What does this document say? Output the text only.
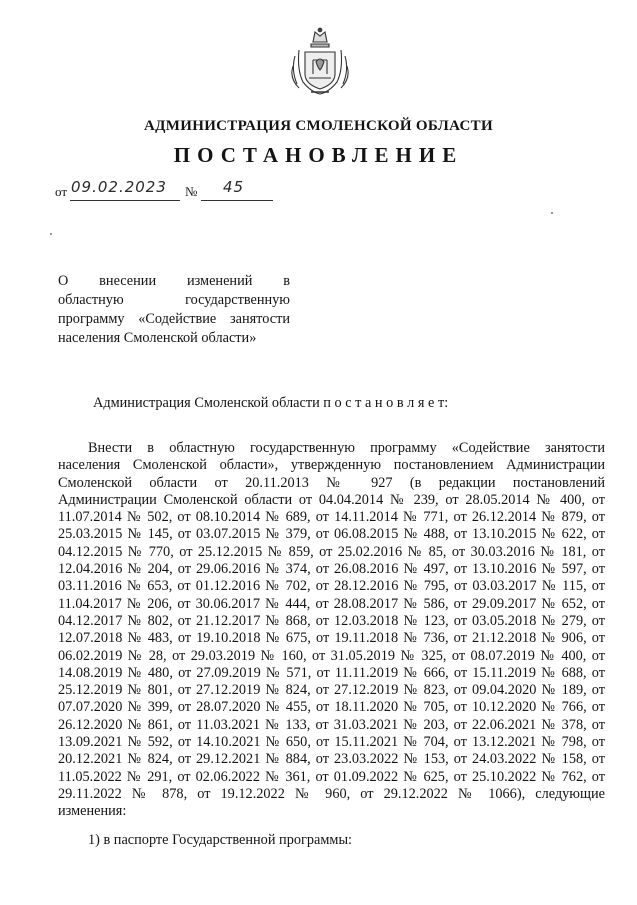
АДМИНИСТРАЦИЯ СМОЛЕНСКОЙ ОБЛАСТИ
ПОСТАНОВЛЕНИЕ
от 09.02.2023 № 45
О внесении изменений в
областную государственную
программу «Содействие занятости
населения Смоленской области»
Администрация Смоленской области п о с т а н о в л я е т:
Внести в областную государственную программу «Содействие занятости
населения Смоленской области», утвержденную постановлением Администрации
Смоленской области от 20.11.2013 № 927 (в редакции постановлений
Администрации Смоленской области от 04.04.2014 № 239, от 28.05.2014 № 400, от
11.07.2014 № 502, от 08.10.2014 № 689, от 14.11.2014 № 771, от 26.12.2014 № 879, от
25.03.2015 № 145, от 03.07.2015 № 379, от 06.08.2015 № 488, от 13.10.2015 № 622, от
04.12.2015 № 770, от 25.12.2015 № 859, от 25.02.2016 № 85, от 30.03.2016 № 181, от
12.04.2016 № 204, от 29.06.2016 № 374, от 26.08.2016 № 497, от 13.10.2016 № 597, от
03.11.2016 № 653, от 01.12.2016 № 702, от 28.12.2016 № 795, от 03.03.2017 № 115, от
11.04.2017 № 206, от 30.06.2017 № 444, от 28.08.2017 № 586, от 29.09.2017 № 652, от
04.12.2017 № 802, от 21.12.2017 № 868, от 12.03.2018 № 123, от 03.05.2018 № 279, от
12.07.2018 № 483, от 19.10.2018 № 675, от 19.11.2018 № 736, от 21.12.2018 № 906, от
06.02.2019 № 28, от 29.03.2019 № 160, от 31.05.2019 № 325, от 08.07.2019 № 400, от
14.08.2019 № 480, от 27.09.2019 № 571, от 11.11.2019 № 666, от 15.11.2019 № 688, от
25.12.2019 № 801, от 27.12.2019 № 824, от 27.12.2019 № 823, от 09.04.2020 № 189, от
07.07.2020 № 399, от 28.07.2020 № 455, от 18.11.2020 № 705, от 10.12.2020 № 766, от
26.12.2020 № 861, от 11.03.2021 № 133, от 31.03.2021 № 203, от 22.06.2021 № 378, от
13.09.2021 № 592, от 14.10.2021 № 650, от 15.11.2021 № 704, от 13.12.2021 № 798, от
20.12.2021 № 824, от 29.12.2021 № 884, от 23.03.2022 № 153, от 24.03.2022 № 158, от
11.05.2022 № 291, от 02.06.2022 № 361, от 01.09.2022 № 625, от 25.10.2022 № 762, от
29.11.2022 № 878, от 19.12.2022 № 960, от 29.12.2022 № 1066), следующие
изменения:
1) в паспорте Государственной программы:
